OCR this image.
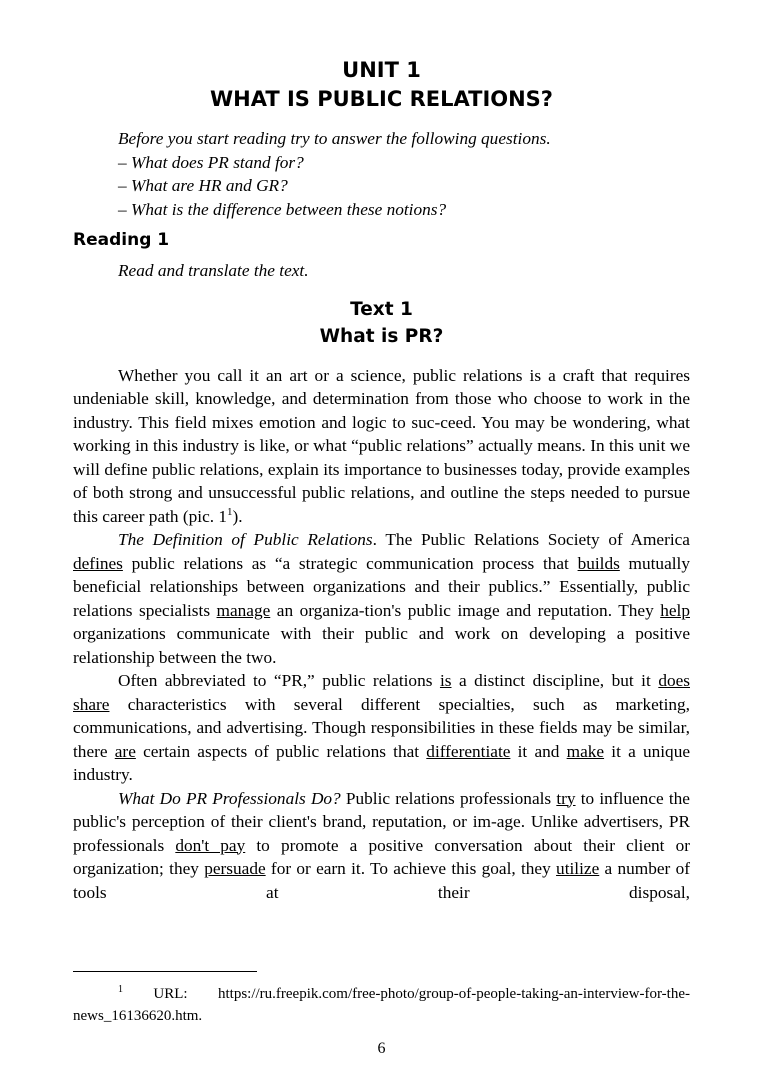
UNIT 1
WHAT IS PUBLIC RELATIONS?
Before you start reading try to answer the following questions.
– What does PR stand for?
– What are HR and GR?
– What is the difference between these notions?
Reading 1
Read and translate the text.
Text 1
What is PR?

Whether you call it an art or a science, public relations is a craft that requires undeniable skill, knowledge, and determination from those who choose to work in the industry. This field mixes emotion and logic to suc-ceed. You may be wondering, what working in this industry is like, or what “public relations” actually means. In this unit we will define public relations, explain its importance to businesses today, provide examples of both strong and unsuccessful public relations, and outline the steps needed to pursue this career path (pic. $1^1$).

The Definition of Public Relations. The Public Relations Society of America defines public relations as “a strategic communication process that builds mutually beneficial relationships between organizations and their publics.” Essentially, public relations specialists manage an organiza-tion's public image and reputation. They help organizations communicate with their public and work on developing a positive relationship between the two.

Often abbreviated to “PR,” public relations is a distinct discipline, but it does share characteristics with several different specialties, such as marketing, communications, and advertising. Though responsibilities in these fields may be similar, there are certain aspects of public relations that differentiate it and make it a unique industry.

What Do PR Professionals Do? Public relations professionals try to influence the public's perception of their client's brand, reputation, or im-age. Unlike advertisers, PR professionals don't pay to promote a positive conversation about their client or organization; they persuade for or earn it. To achieve this goal, they utilize a number of tools at their disposal,

$^1$ URL: https://ru.freepik.com/free-photo/group-of-people-taking-an-interview-for-the-news_16136620.htm.
6
